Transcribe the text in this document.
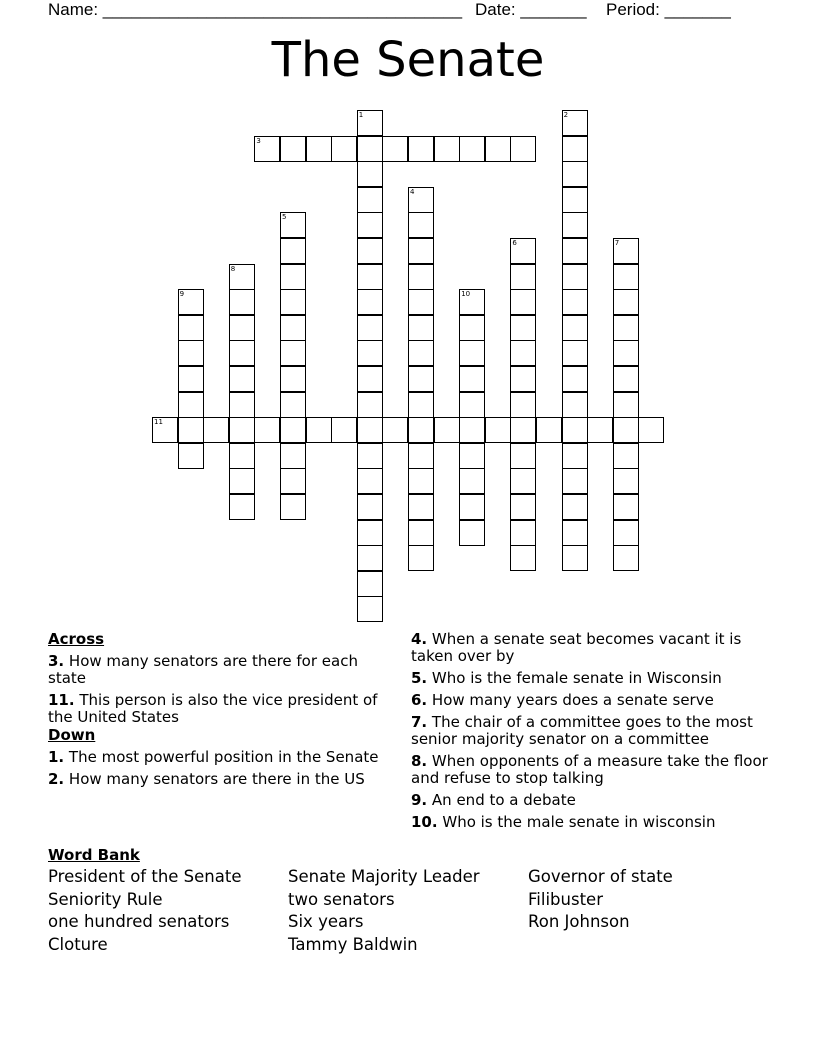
Name: ______________________________________ Date: _______ Period: _______
The Senate
1	2
3
4
5
6	7
8
9	10
11
Across
3. How many senators are there for each state
11. This person is also the vice president of the United States
Down
1. The most powerful position in the Senate
2. How many senators are there in the US
4. When a senate seat becomes vacant it is taken over by
5. Who is the female senate in Wisconsin
6. How many years does a senate serve
7. The chair of a committee goes to the most senior majority senator on a committee
8. When opponents of a measure take the floor and refuse to stop talking
9. An end to a debate
10. Who is the male senate in wisconsin
Word Bank
President of the Senate
Seniority Rule
one hundred senators
Cloture
Senate Majority Leader
two senators
Six years
Tammy Baldwin
Governor of state
Filibuster
Ron Johnson
